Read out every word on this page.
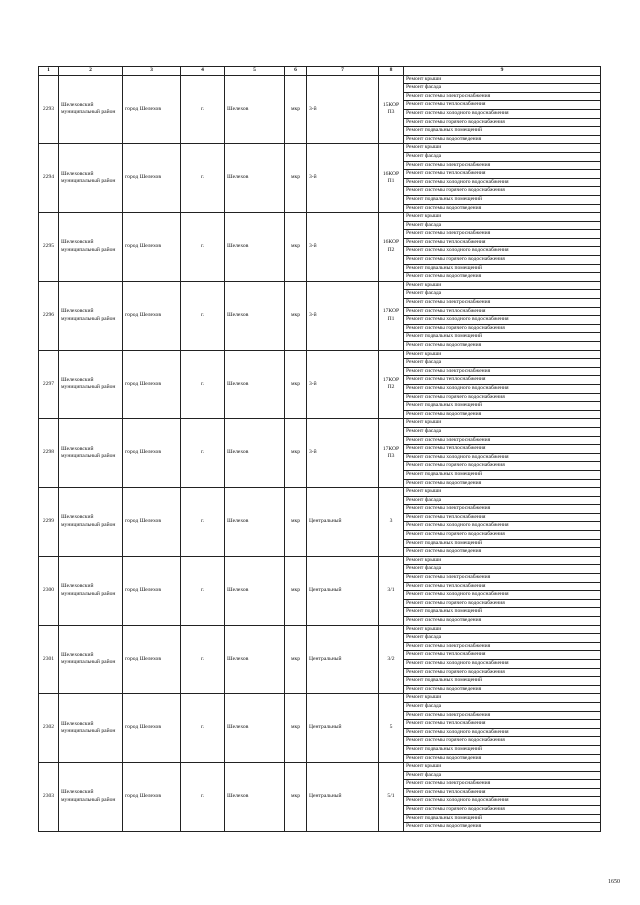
1	2	3	4	5	6	7	8	9
2293	Шелеховский муниципальный район	город Шелехов	г.	Шелехов	мкр	3-й	15КОР П3	Ремонт крыши
								Ремонт фасада
								Ремонт системы электроснабжения
								Ремонт системы теплоснабжения
								Ремонт системы холодного водоснабжения
								Ремонт системы горячего водоснабжения
								Ремонт подвальных помещений
								Ремонт системы водоотведения
2294	Шелеховский муниципальный район	город Шелехов	г.	Шелехов	мкр	3-й	16КОР П1	Ремонт крыши
								Ремонт фасада
								Ремонт системы электроснабжения
								Ремонт системы теплоснабжения
								Ремонт системы холодного водоснабжения
								Ремонт системы горячего водоснабжения
								Ремонт подвальных помещений
								Ремонт системы водоотведения
2295	Шелеховский муниципальный район	город Шелехов	г.	Шелехов	мкр	3-й	16КОР П2	Ремонт крыши
								Ремонт фасада
								Ремонт системы электроснабжения
								Ремонт системы теплоснабжения
								Ремонт системы холодного водоснабжения
								Ремонт системы горячего водоснабжения
								Ремонт подвальных помещений
								Ремонт системы водоотведения
2296	Шелеховский муниципальный район	город Шелехов	г.	Шелехов	мкр	3-й	17КОР П1	Ремонт крыши
								Ремонт фасада
								Ремонт системы электроснабжения
								Ремонт системы теплоснабжения
								Ремонт системы холодного водоснабжения
								Ремонт системы горячего водоснабжения
								Ремонт подвальных помещений
								Ремонт системы водоотведения
2297	Шелеховский муниципальный район	город Шелехов	г.	Шелехов	мкр	3-й	17КОР П2	Ремонт крыши
								Ремонт фасада
								Ремонт системы электроснабжения
								Ремонт системы теплоснабжения
								Ремонт системы холодного водоснабжения
								Ремонт системы горячего водоснабжения
								Ремонт подвальных помещений
								Ремонт системы водоотведения
2298	Шелеховский муниципальный район	город Шелехов	г.	Шелехов	мкр	3-й	17КОР П3	Ремонт крыши
								Ремонт фасада
								Ремонт системы электроснабжения
								Ремонт системы теплоснабжения
								Ремонт системы холодного водоснабжения
								Ремонт системы горячего водоснабжения
								Ремонт подвальных помещений
								Ремонт системы водоотведения
2299	Шелеховский муниципальный район	город Шелехов	г.	Шелехов	мкр	Центральный	3	Ремонт крыши
								Ремонт фасада
								Ремонт системы электроснабжения
								Ремонт системы теплоснабжения
								Ремонт системы холодного водоснабжения
								Ремонт системы горячего водоснабжения
								Ремонт подвальных помещений
								Ремонт системы водоотведения
2300	Шелеховский муниципальный район	город Шелехов	г.	Шелехов	мкр	Центральный	3/1	Ремонт крыши
								Ремонт фасада
								Ремонт системы электроснабжения
								Ремонт системы теплоснабжения
								Ремонт системы холодного водоснабжения
								Ремонт системы горячего водоснабжения
								Ремонт подвальных помещений
								Ремонт системы водоотведения
2301	Шелеховский муниципальный район	город Шелехов	г.	Шелехов	мкр	Центральный	3/2	Ремонт крыши
								Ремонт фасада
								Ремонт системы электроснабжения
								Ремонт системы теплоснабжения
								Ремонт системы холодного водоснабжения
								Ремонт системы горячего водоснабжения
								Ремонт подвальных помещений
								Ремонт системы водоотведения
2302	Шелеховский муниципальный район	город Шелехов	г.	Шелехов	мкр	Центральный	5	Ремонт крыши
								Ремонт фасада
								Ремонт системы электроснабжения
								Ремонт системы теплоснабжения
								Ремонт системы холодного водоснабжения
								Ремонт системы горячего водоснабжения
								Ремонт подвальных помещений
								Ремонт системы водоотведения
2303	Шелеховский муниципальный район	город Шелехов	г.	Шелехов	мкр	Центральный	5/1	Ремонт крыши
								Ремонт фасада
								Ремонт системы электроснабжения
								Ремонт системы теплоснабжения
								Ремонт системы холодного водоснабжения
								Ремонт системы горячего водоснабжения
								Ремонт подвальных помещений
								Ремонт системы водоотведения
1650
